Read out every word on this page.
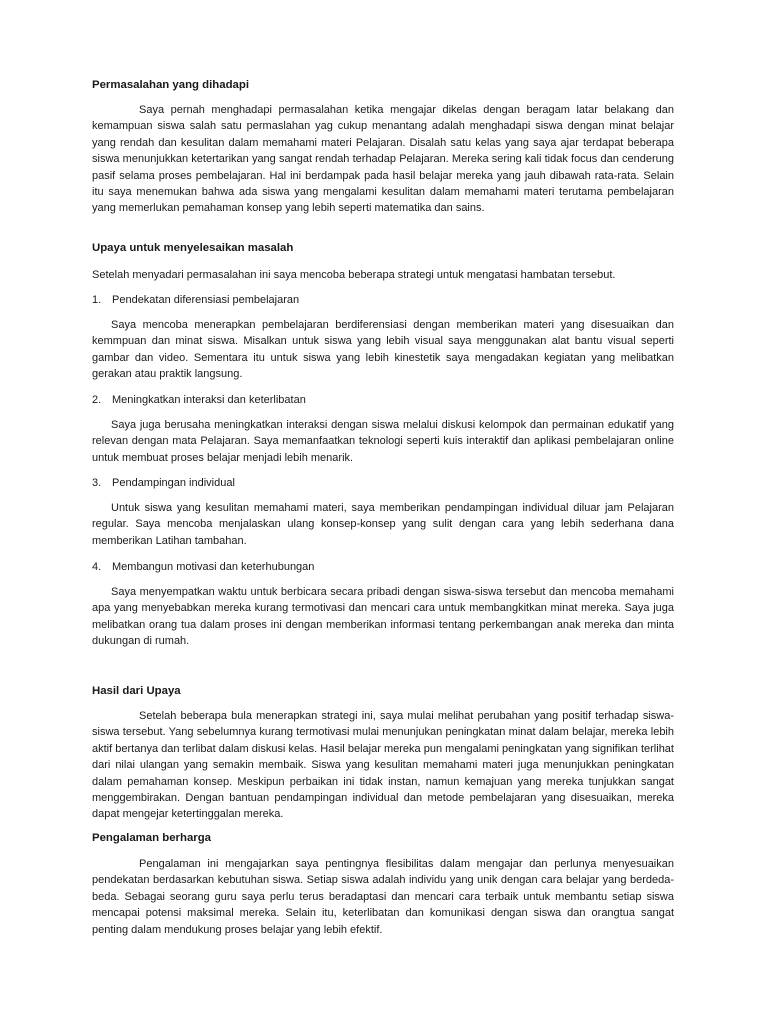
Permasalahan yang dihadapi
Saya pernah menghadapi permasalahan ketika mengajar dikelas dengan beragam latar belakang dan kemampuan siswa salah satu permaslahan yag cukup menantang adalah menghadapi siswa dengan minat belajar yang rendah dan kesulitan dalam memahami materi Pelajaran. Disalah satu kelas yang saya ajar terdapat beberapa siswa menunjukkan ketertarikan yang sangat rendah terhadap Pelajaran. Mereka sering kali tidak focus dan cenderung pasif selama proses pembelajaran. Hal ini berdampak pada hasil belajar mereka yang jauh dibawah rata-rata. Selain itu saya menemukan bahwa ada siswa yang mengalami kesulitan dalam memahami materi terutama pembelajaran yang memerlukan pemahaman konsep yang lebih seperti matematika dan sains.
Upaya untuk menyelesaikan masalah
Setelah menyadari permasalahan ini saya mencoba beberapa strategi untuk mengatasi hambatan tersebut.
1. Pendekatan diferensiasi pembelajaran
Saya mencoba menerapkan pembelajaran berdiferensiasi dengan memberikan materi yang disesuaikan dan kemmpuan dan minat siswa. Misalkan untuk siswa yang lebih visual saya menggunakan alat bantu visual seperti gambar dan video. Sementara itu untuk siswa yang lebih kinestetik saya mengadakan kegiatan yang melibatkan gerakan atau praktik langsung.
2. Meningkatkan interaksi dan keterlibatan
Saya juga berusaha meningkatkan interaksi dengan siswa melalui diskusi kelompok dan permainan edukatif yang relevan dengan mata Pelajaran. Saya memanfaatkan teknologi seperti kuis interaktif dan aplikasi pembelajaran online untuk membuat proses belajar menjadi lebih menarik.
3. Pendampingan individual
Untuk siswa yang kesulitan memahami materi, saya memberikan pendampingan individual diluar jam Pelajaran regular. Saya mencoba menjalaskan ulang konsep-konsep yang sulit dengan cara yang lebih sederhana dana memberikan Latihan tambahan.
4. Membangun motivasi dan keterhubungan
Saya menyempatkan waktu untuk berbicara secara pribadi dengan siswa-siswa tersebut dan mencoba memahami apa yang menyebabkan mereka kurang termotivasi dan mencari cara untuk membangkitkan minat mereka. Saya juga melibatkan orang tua dalam proses ini dengan memberikan informasi tentang perkembangan anak mereka dan minta dukungan di rumah.
Hasil dari Upaya
Setelah beberapa bula menerapkan strategi ini, saya mulai melihat perubahan yang positif terhadap siswa-siswa tersebut. Yang sebelumnya kurang termotivasi mulai menunjukan peningkatan minat dalam belajar, mereka lebih aktif bertanya dan terlibat dalam diskusi kelas. Hasil belajar mereka pun mengalami peningkatan yang signifikan terlihat dari nilai ulangan yang semakin membaik. Siswa yang kesulitan memahami materi juga menunjukkan peningkatan dalam pemahaman konsep. Meskipun perbaikan ini tidak instan, namun kemajuan yang mereka tunjukkan sangat menggembirakan. Dengan bantuan pendampingan individual dan metode pembelajaran yang disesuaikan, mereka dapat mengejar ketertinggalan mereka.
Pengalaman berharga
Pengalaman ini mengajarkan saya pentingnya flesibilitas dalam mengajar dan perlunya menyesuaikan pendekatan berdasarkan kebutuhan siswa. Setiap siswa adalah individu yang unik dengan cara belajar yang berdeda-beda. Sebagai seorang guru saya perlu terus beradaptasi dan mencari cara terbaik untuk membantu setiap siswa mencapai potensi maksimal mereka. Selain itu, keterlibatan dan komunikasi dengan siswa dan orangtua sangat penting dalam mendukung proses belajar yang lebih efektif.
